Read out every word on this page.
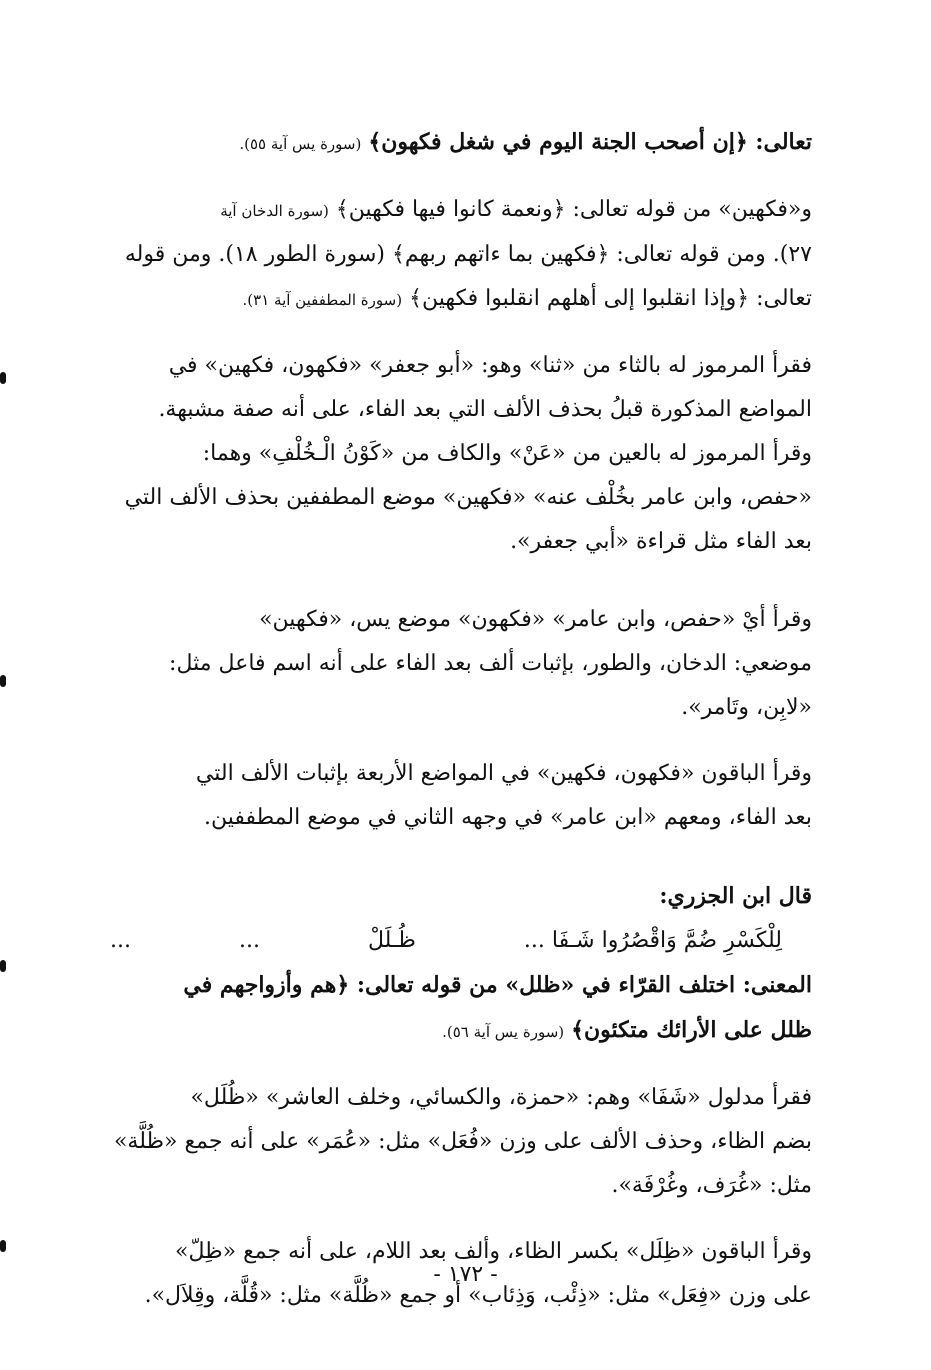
تعالى: ﴿إن أصحب الجنة اليوم في شغل فكهون﴾ (سورة يس آية ٥٥).
و«فكهين» من قوله تعالى: ﴿ونعمة كانوا فيها فكهين﴾ (سورة الدخان آية
٢٧). ومن قوله تعالى: ﴿فكهين بما ءاتهم ربهم﴾ (سورة الطور ١٨). ومن قوله
تعالى: ﴿وإذا انقلبوا إلى أهلهم انقلبوا فكهين﴾ (سورة المطففين آية ٣١).
فقرأ المرموز له بالثاء من «ثنا» وهو: «أبو جعفر» «فكهون، فكهين» في
المواضع المذكورة قبلُ بحذف الألف التي بعد الفاء، على أنه صفة مشبهة.
وقرأ المرموز له بالعين من «عَنْ» والكاف من «كَوْنُ الْـخُلْفِ» وهما:
«حفص، وابن عامر بخُلْف عنه» «فكهين» موضع المطففين بحذف الألف التي
بعد الفاء مثل قراءة «أبي جعفر».
وقرأ أيْ «حفص، وابن عامر» «فكهون» موضع يس، «فكهين»
موضعي: الدخان، والطور، بإثبات ألف بعد الفاء على أنه اسم فاعل مثل:
«لابِن، وتَامر».
وقرأ الباقون «فكهون، فكهين» في المواضع الأربعة بإثبات الألف التي
بعد الفاء، ومعهم «ابن عامر» في وجهه الثاني في موضع المطففين.
قال ابن الجزري:
لِلْكَسْرِ ضُمَّ وَاقْصُرُوا شَـفَا ...
ظُـلَلْ
...
...
المعنى: اختلف القرّاء في «ظلل» من قوله تعالى: ﴿هم وأزواجهم في
ظلل على الأرائك متكئون﴾ (سورة يس آية ٥٦).
فقرأ مدلول «شَفَا» وهم: «حمزة، والكسائي، وخلف العاشر» «ظُلَل»
بضم الظاء، وحذف الألف على وزن «فُعَل» مثل: «عُمَر» على أنه جمع «ظُلَّة»
مثل: «غُرَف، وغُرْفَة».
وقرأ الباقون «ظِلَل» بكسر الظاء، وألف بعد اللام، على أنه جمع «ظِلّ»
على وزن «فِعَل» مثل: «ذِئْب، وَذِئاب» أو جمع «ظُلَّة» مثل: «قُلَّة، وقِلاَل».
- ١٧٢ -
